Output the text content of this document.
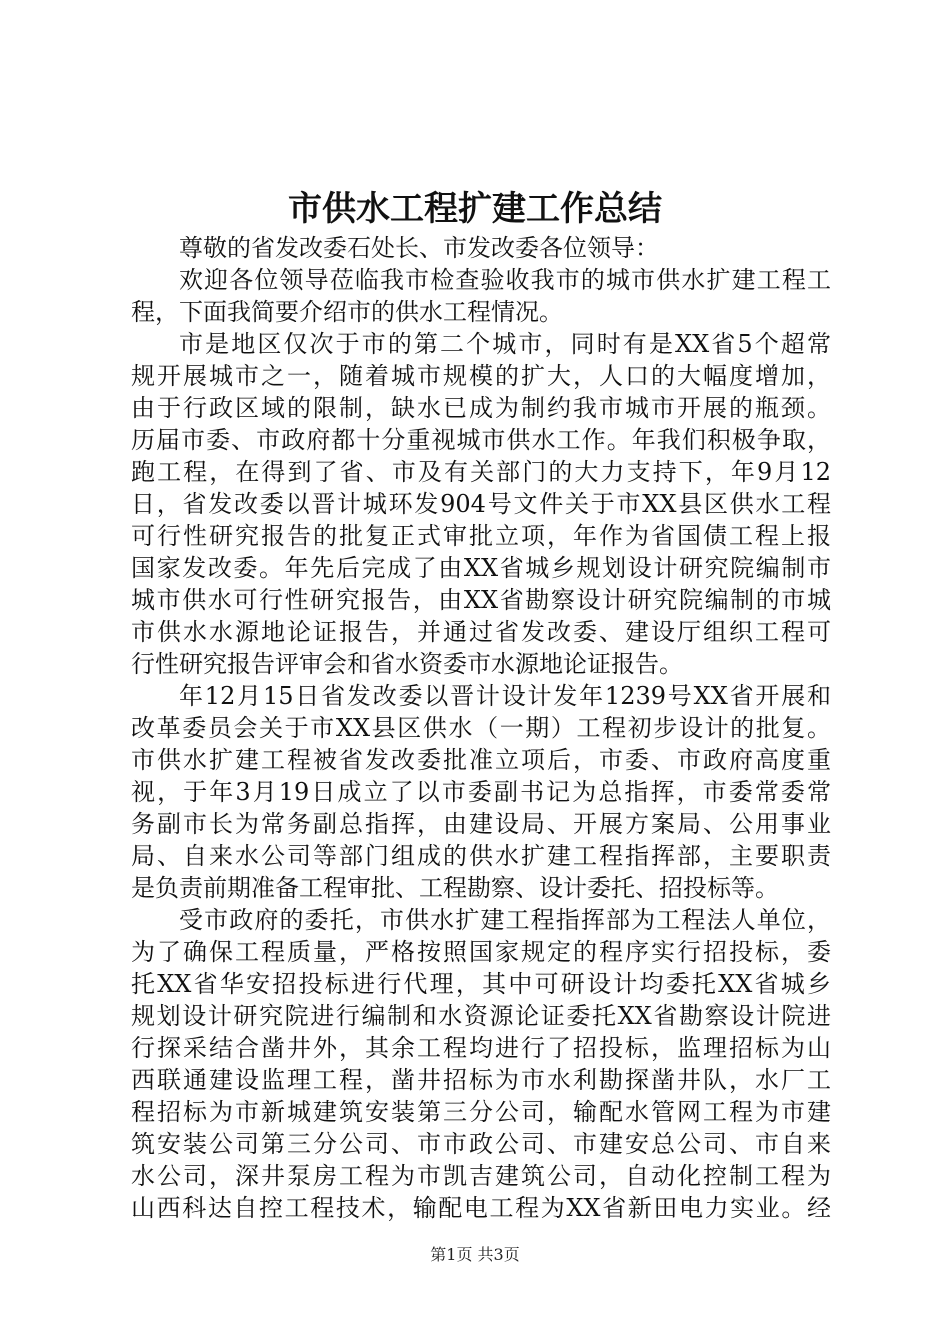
市供水工程扩建工作总结
尊敬的省发改委石处长、市发改委各位领导：
欢迎各位领导莅临我市检查验收我市的城市供水扩建工程工
程，下面我简要介绍市的供水工程情况。
市是地区仅次于市的第二个城市，同时有是XX省5个超常
规开展城市之一，随着城市规模的扩大，人口的大幅度增加，
由于行政区域的限制，缺水已成为制约我市城市开展的瓶颈。
历届市委、市政府都十分重视城市供水工作。年我们积极争取，
跑工程，在得到了省、市及有关部门的大力支持下，年9月12
日，省发改委以晋计城环发904号文件关于市XX县区供水工程
可行性研究报告的批复正式审批立项，年作为省国债工程上报
国家发改委。年先后完成了由XX省城乡规划设计研究院编制市
城市供水可行性研究报告，由XX省勘察设计研究院编制的市城
市供水水源地论证报告，并通过省发改委、建设厅组织工程可
行性研究报告评审会和省水资委市水源地论证报告。
年12月15日省发改委以晋计设计发年1239号XX省开展和
改革委员会关于市XX县区供水（一期）工程初步设计的批复。
市供水扩建工程被省发改委批准立项后，市委、市政府高度重
视，于年3月19日成立了以市委副书记为总指挥，市委常委常
务副市长为常务副总指挥，由建设局、开展方案局、公用事业
局、自来水公司等部门组成的供水扩建工程指挥部，主要职责
是负责前期准备工程审批、工程勘察、设计委托、招投标等。
受市政府的委托，市供水扩建工程指挥部为工程法人单位，
为了确保工程质量，严格按照国家规定的程序实行招投标，委
托XX省华安招投标进行代理，其中可研设计均委托XX省城乡
规划设计研究院进行编制和水资源论证委托XX省勘察设计院进
行探采结合凿井外，其余工程均进行了招投标，监理招标为山
西联通建设监理工程，凿井招标为市水利勘探凿井队，水厂工
程招标为市新城建筑安装第三分公司，输配水管网工程为市建
筑安装公司第三分公司、市市政公司、市建安总公司、市自来
水公司，深井泵房工程为市凯吉建筑公司，自动化控制工程为
山西科达自控工程技术，输配电工程为XX省新田电力实业。经
第1页 共3页
